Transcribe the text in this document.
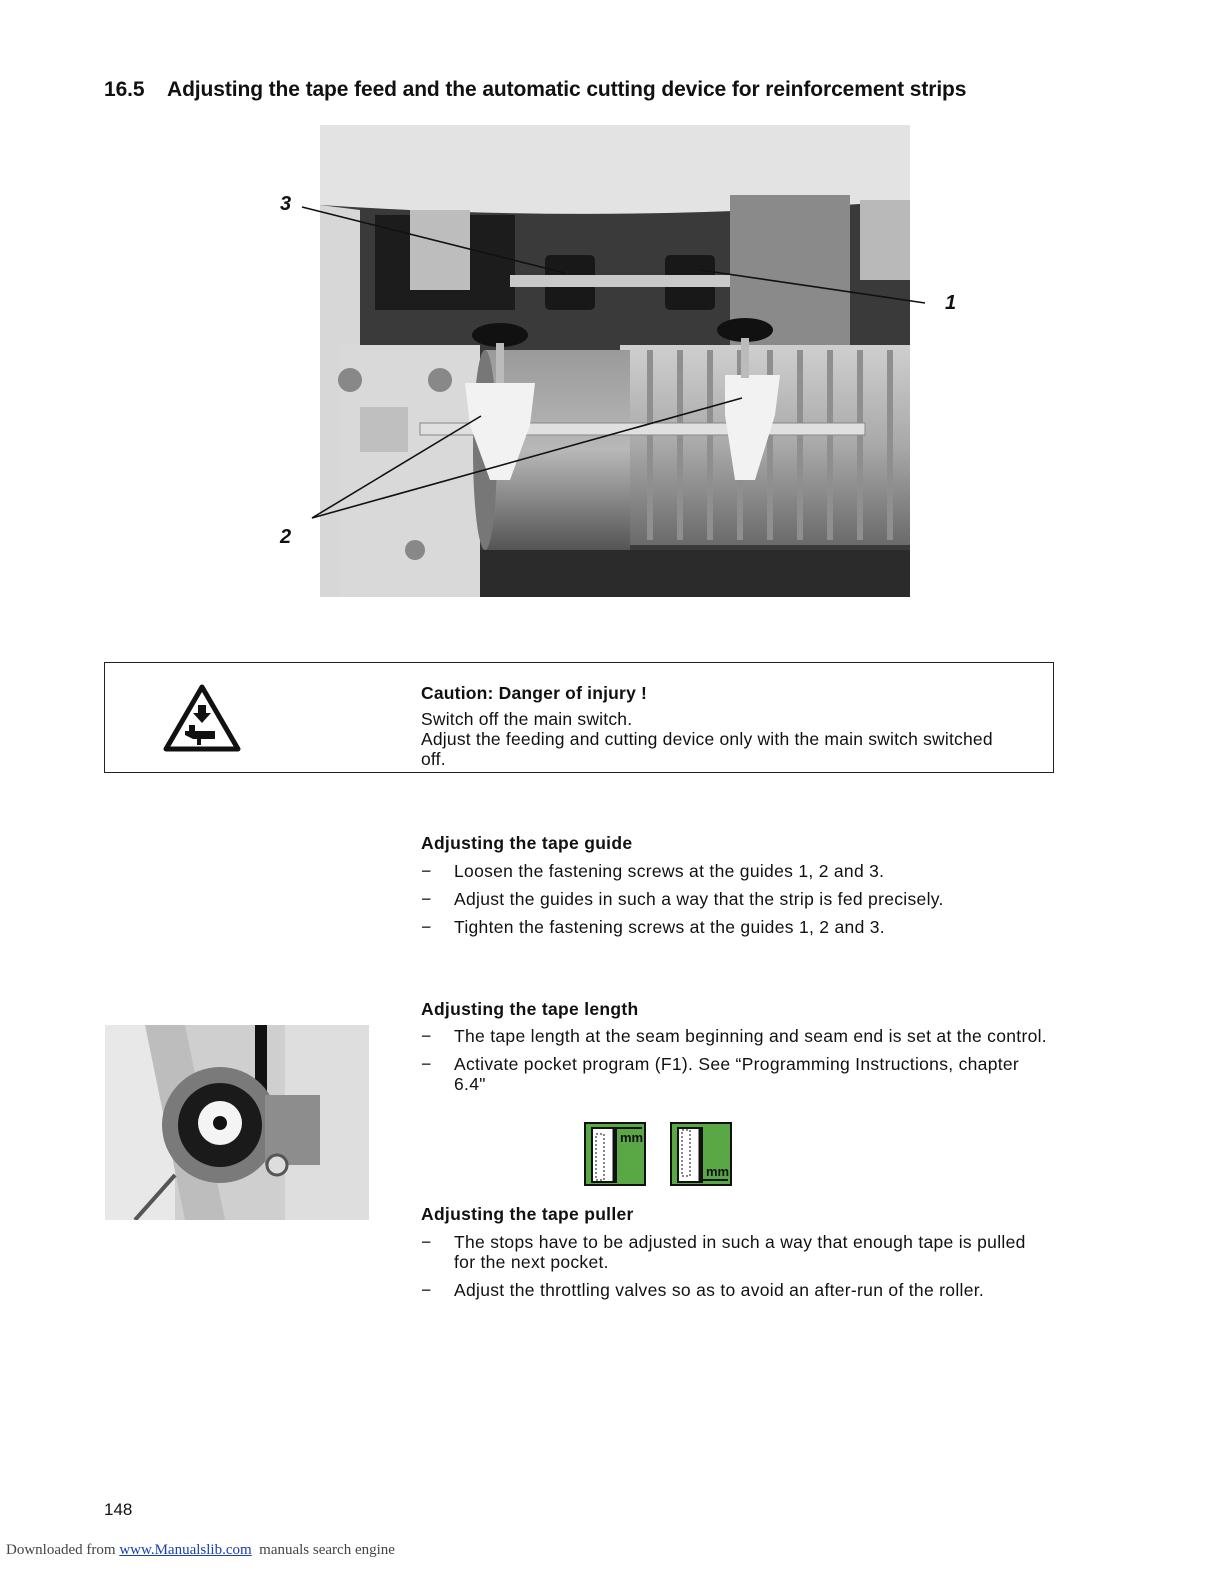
16.5 Adjusting the tape feed and the automatic cutting device for reinforcement strips
3
1
2
Caution: Danger of injury !
Switch off the main switch.
Adjust the feeding and cutting device only with the main switch switched off.
Adjusting the tape guide
− Loosen the fastening screws at the guides 1, 2 and 3.
− Adjust the guides in such a way that the strip is fed precisely.
− Tighten the fastening screws at the guides 1, 2 and 3.
Adjusting the tape length
− The tape length at the seam beginning and seam end is set at the control.
− Activate pocket program (F1). See “Programming Instructions, chapter 6.4"
mm
mm
Adjusting the tape puller
− The stops have to be adjusted in such a way that enough tape is pulled for the next pocket.
− Adjust the throttling valves so as to avoid an after-run of the roller.
148
Downloaded from www.Manualslib.com manuals search engine
